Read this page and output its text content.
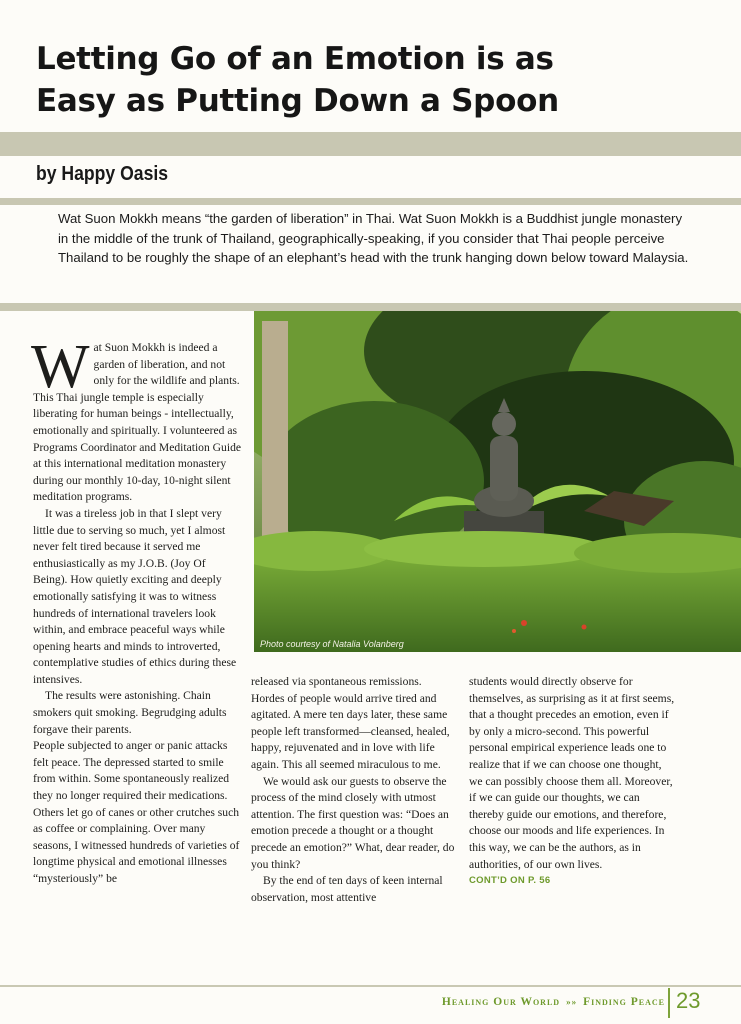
Letting Go of an Emotion is as
Easy as Putting Down a Spoon

by Happy Oasis

Wat Suon Mokkh means “the garden of liberation” in Thai. Wat Suon Mokkh is a Buddhist jungle monastery in the middle of the trunk of Thailand, geographically-speaking, if you consider that Thai people perceive Thailand to be roughly the shape of an elephant’s head with the trunk hanging down below toward Malaysia.

Photo courtesy of Natalia Volanberg

Wat Suon Mokkh is indeed a garden of liberation, and not only for the wildlife and plants. This Thai jungle temple is especially liberating for human beings - intellectually, emotionally and spiritually. I volunteered as Programs Coordinator and Meditation Guide at this international meditation monastery during our monthly 10-day, 10-night silent meditation programs.

It was a tireless job in that I slept very little due to serving so much, yet I almost never felt tired because it served me enthusiastically as my J.O.B. (Joy Of Being). How quietly exciting and deeply emotionally satisfying it was to witness hundreds of international travelers look within, and embrace peaceful ways while opening hearts and minds to introverted, contemplative studies of ethics during these intensives.

The results were astonishing. Chain smokers quit smoking. Begrudging adults forgave their parents.

People subjected to anger or panic attacks felt peace. The depressed started to smile from within. Some spontaneously realized they no longer required their medications. Others let go of canes or other crutches such as coffee or complaining. Over many seasons, I witnessed hundreds of varieties of longtime physical and emotional illnesses “mysteriously” be

released via spontaneous remissions. Hordes of people would arrive tired and agitated. A mere ten days later, these same people left transformed—cleansed, healed, happy, rejuvenated and in love with life again. This all seemed miraculous to me.

We would ask our guests to observe the process of the mind closely with utmost attention. The first question was: “Does an emotion precede a thought or a thought precede an emotion?” What, dear reader, do you think?

By the end of ten days of keen internal observation, most attentive

students would directly observe for themselves, as surprising as it at first seems, that a thought precedes an emotion, even if by only a micro-second. This powerful personal empirical experience leads one to realize that if we can choose one thought, we can possibly choose them all. Moreover, if we can guide our thoughts, we can thereby guide our emotions, and therefore, choose our moods and life experiences. In this way, we can be the authors, as in authorities, of our own lives.

CONT’D ON P. 56

Healing Our World »» Finding Peace 23
